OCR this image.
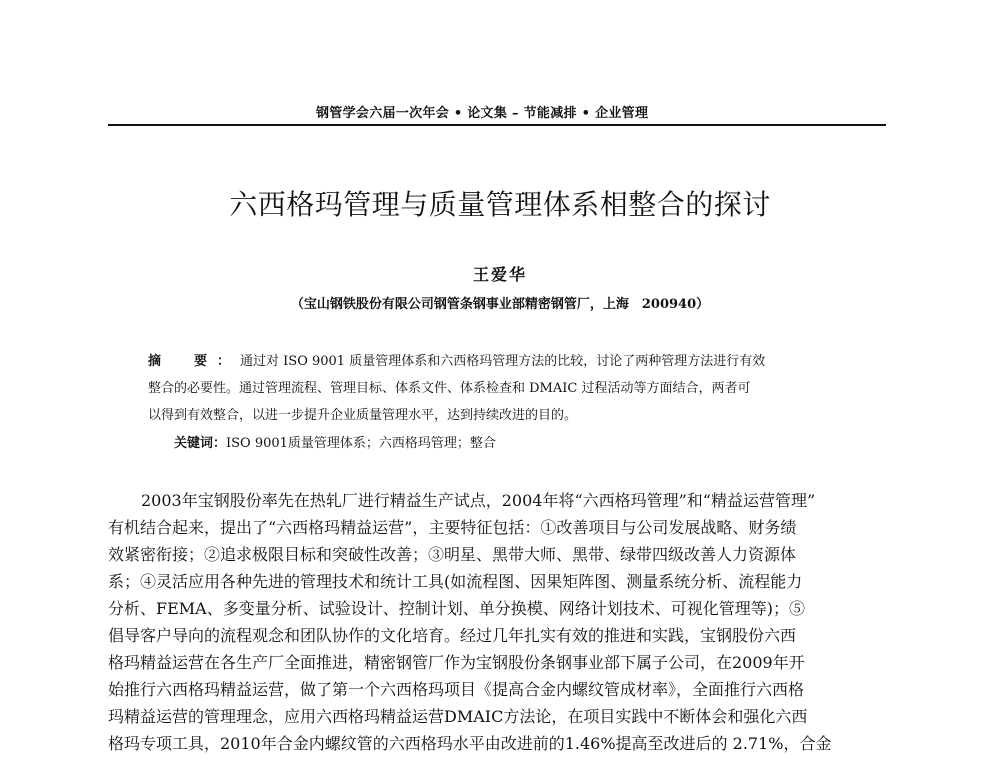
钢管学会六届一次年会 • 论文集 – 节能减排 • 企业管理
六西格玛管理与质量管理体系相整合的探讨
王爱华
（宝山钢铁股份有限公司钢管条钢事业部精密钢管厂，上海　200940）
摘　要：通过对 ISO 9001 质量管理体系和六西格玛管理方法的比较，讨论了两种管理方法进行有效
整合的必要性。通过管理流程、管理目标、体系文件、体系检查和 DMAIC 过程活动等方面结合，两者可
以得到有效整合，以进一步提升企业质量管理水平，达到持续改进的目的。
关键词：ISO 9001质量管理体系；六西格玛管理；整合
2003年宝钢股份率先在热轧厂进行精益生产试点，2004年将“六西格玛管理”和“精益运营管理”
有机结合起来，提出了“六西格玛精益运营”，主要特征包括：①改善项目与公司发展战略、财务绩
效紧密衔接；②追求极限目标和突破性改善；③明星、黑带大师、黑带、绿带四级改善人力资源体
系；④灵活应用各种先进的管理技术和统计工具(如流程图、因果矩阵图、测量系统分析、流程能力
分析、FEMA、多变量分析、试验设计、控制计划、单分换模、网络计划技术、可视化管理等)；⑤
倡导客户导向的流程观念和团队协作的文化培育。经过几年扎实有效的推进和实践，宝钢股份六西
格玛精益运营在各生产厂全面推进，精密钢管厂作为宝钢股份条钢事业部下属子公司，在2009年开
始推行六西格玛精益运营，做了第一个六西格玛项目《提高合金内螺纹管成材率》，全面推行六西格
玛精益运营的管理理念，应用六西格玛精益运营DMAIC方法论，在项目实践中不断体会和强化六西
格玛专项工具，2010年合金内螺纹管的六西格玛水平由改进前的1.46%提高至改进后的 2.71%，合金
